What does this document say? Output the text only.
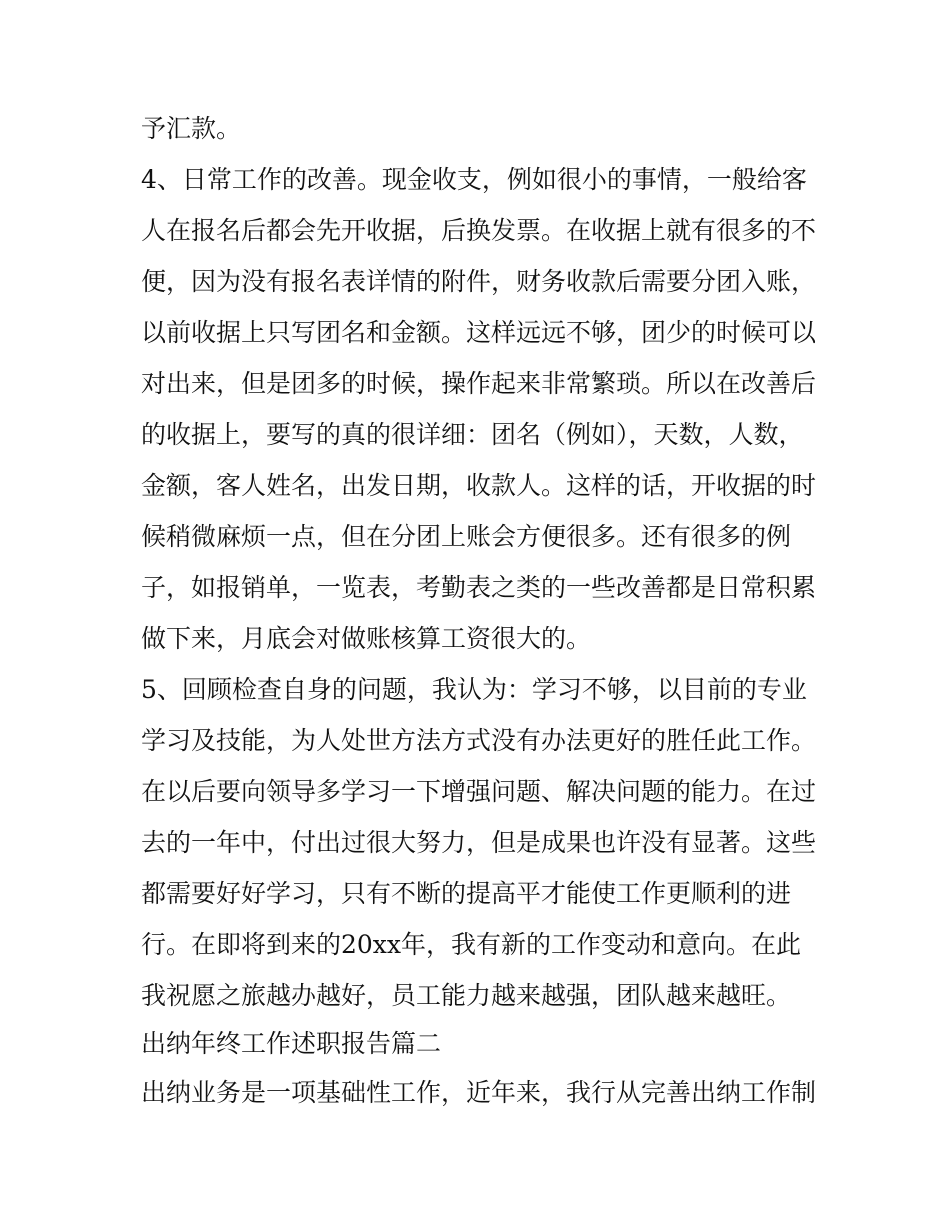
予汇款。
4、日常工作的改善。现金收支，例如很小的事情，一般给客
人在报名后都会先开收据，后换发票。在收据上就有很多的不
便，因为没有报名表详情的附件，财务收款后需要分团入账，
以前收据上只写团名和金额。这样远远不够，团少的时候可以
对出来，但是团多的时候，操作起来非常繁琐。所以在改善后
的收据上，要写的真的很详细：团名（例如），天数，人数，
金额，客人姓名，出发日期，收款人。这样的话，开收据的时
候稍微麻烦一点，但在分团上账会方便很多。还有很多的例
子，如报销单，一览表，考勤表之类的一些改善都是日常积累
做下来，月底会对做账核算工资很大的。
5、回顾检查自身的问题，我认为：学习不够，以目前的专业
学习及技能，为人处世方法方式没有办法更好的胜任此工作。
在以后要向领导多学习一下增强问题、解决问题的能力。在过
去的一年中，付出过很大努力，但是成果也许没有显著。这些
都需要好好学习，只有不断的提高平才能使工作更顺利的进
行。在即将到来的20xx年，我有新的工作变动和意向。在此
我祝愿之旅越办越好，员工能力越来越强，团队越来越旺。
出纳年终工作述职报告篇二
出纳业务是一项基础性工作，近年来，我行从完善出纳工作制
